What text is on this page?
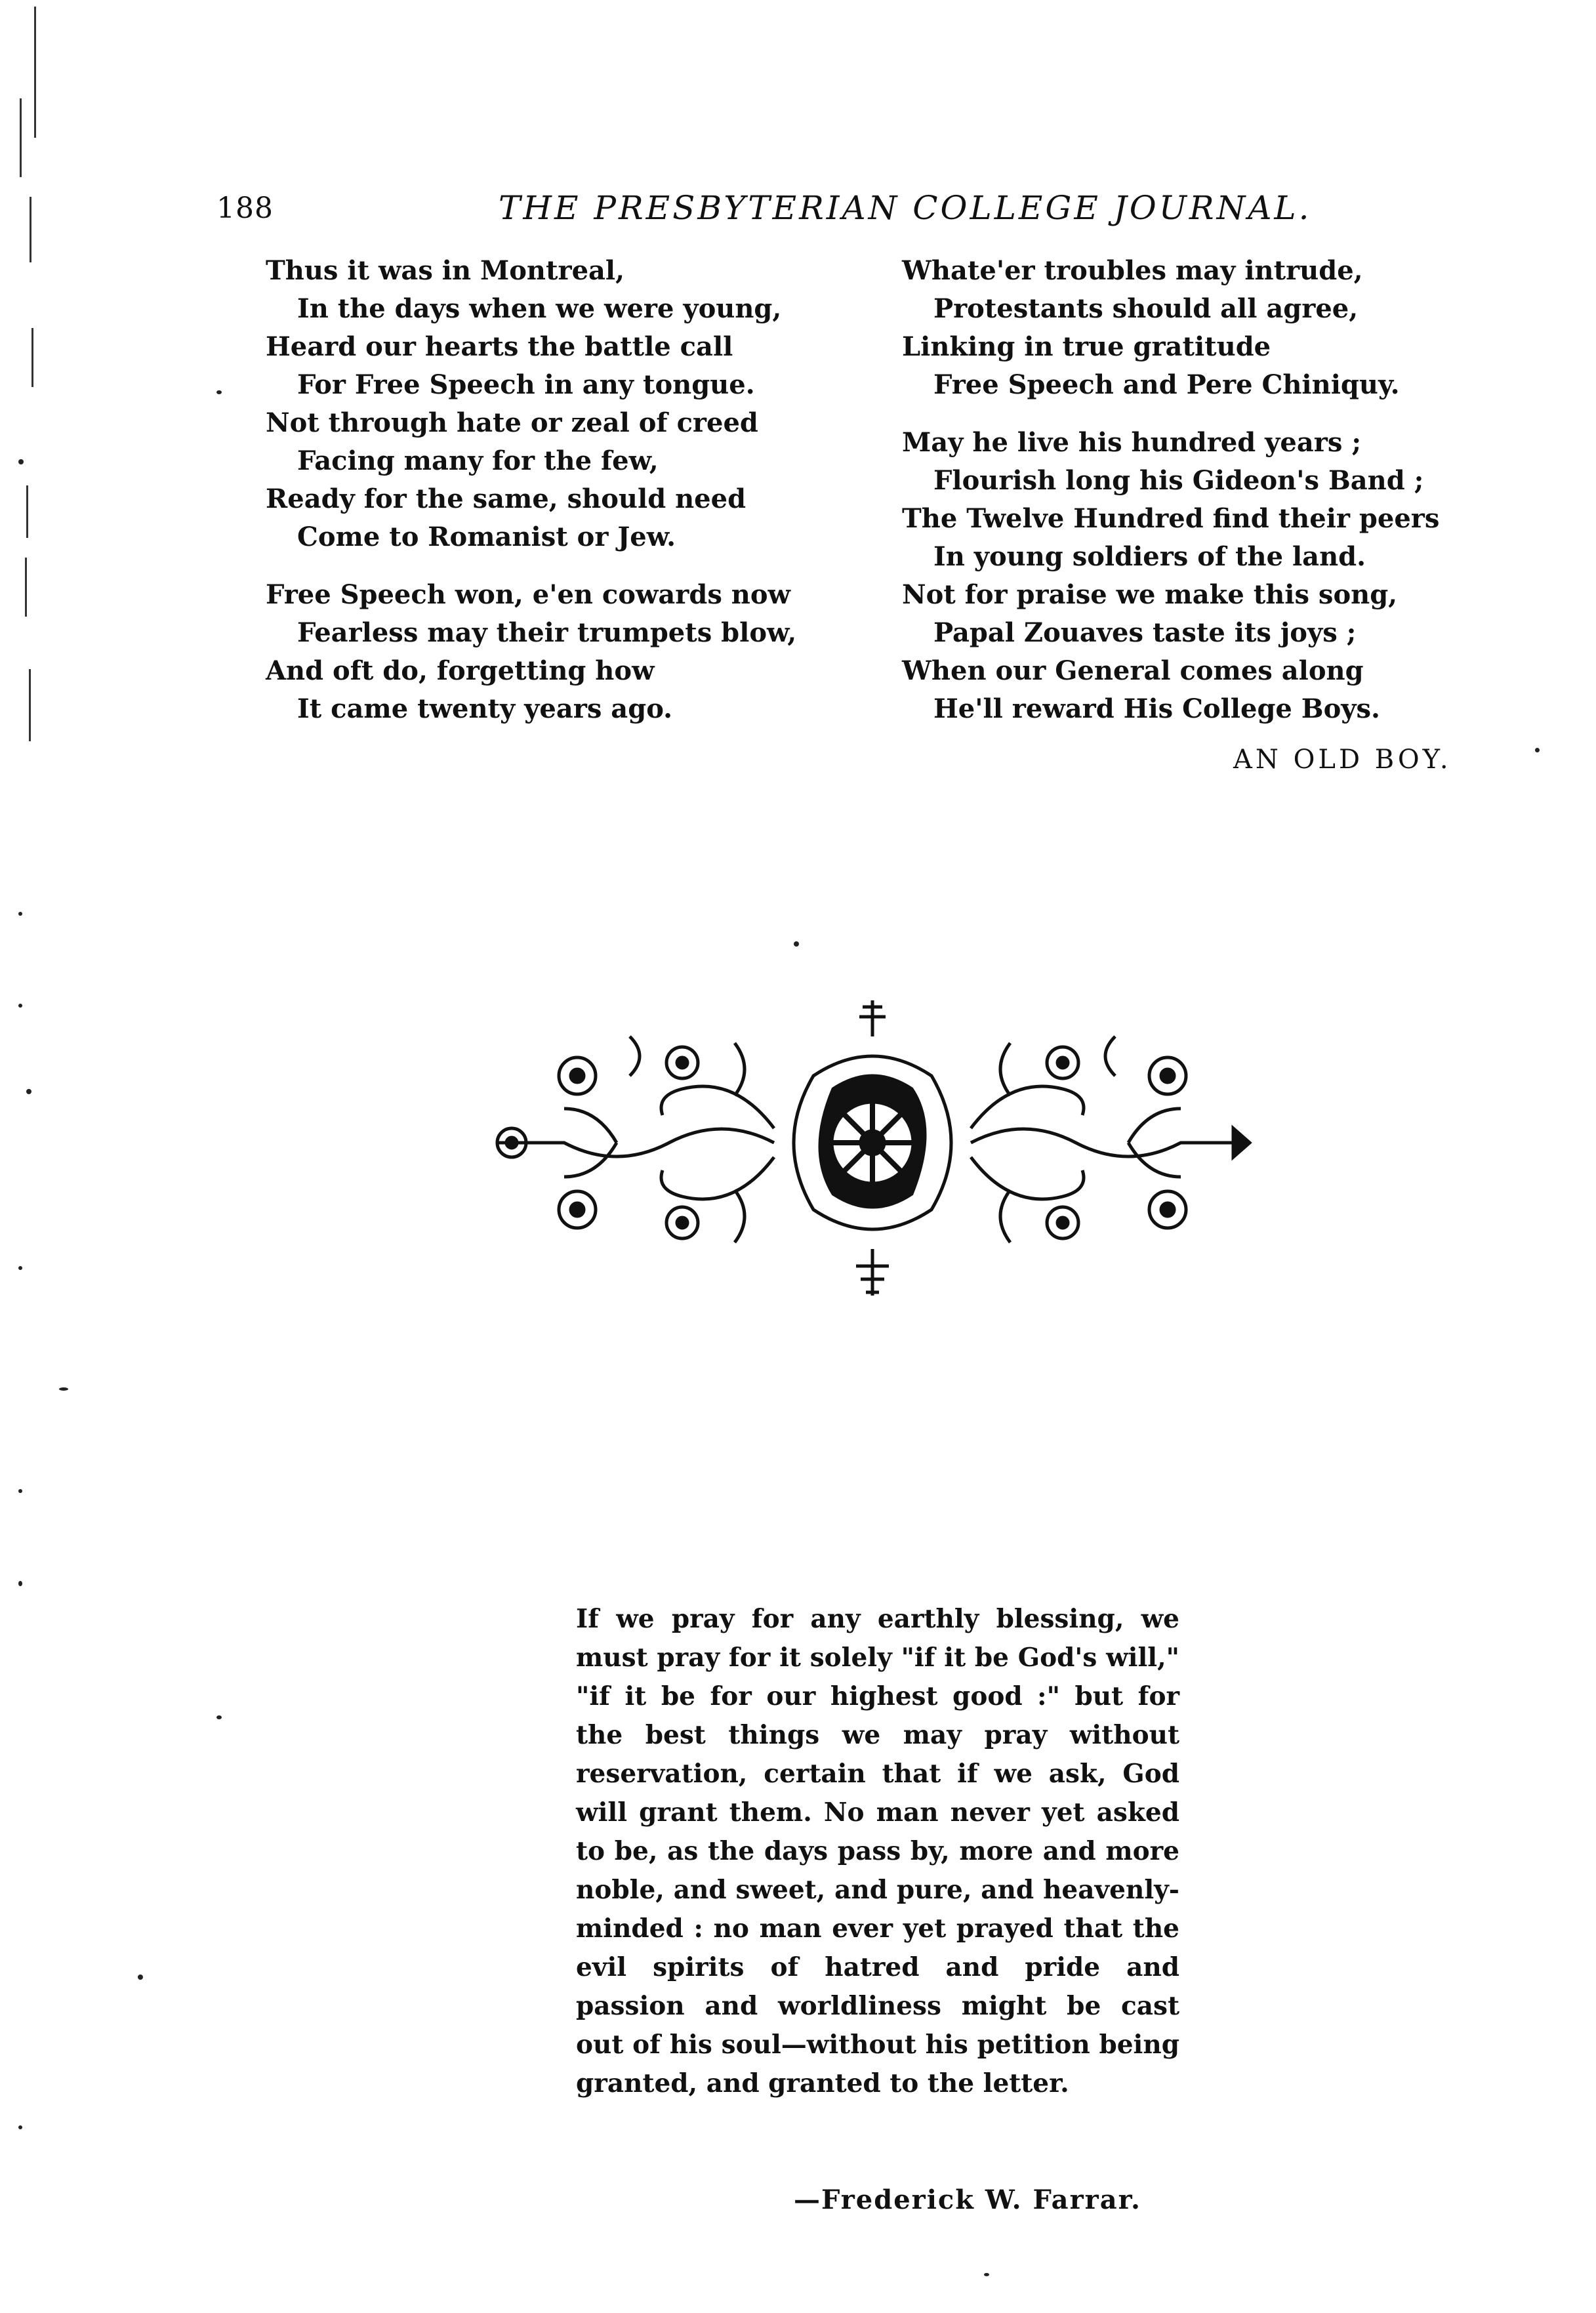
188	THE PRESBYTERIAN COLLEGE JOURNAL.
Thus it was in Montreal,
In the days when we were young,
Heard our hearts the battle call
For Free Speech in any tongue.
Not through hate or zeal of creed
Facing many for the few,
Ready for the same, should need
Come to Romanist or Jew.
Free Speech won, e'en cowards now
Fearless may their trumpets blow,
And oft do, forgetting how
It came twenty years ago.
Whate'er troubles may intrude,
Protestants should all agree,
Linking in true gratitude
Free Speech and Pere Chiniquy.
May he live his hundred years ;
Flourish long his Gideon's Band ;
The Twelve Hundred find their peers
In young soldiers of the land.
Not for praise we make this song,
Papal Zouaves taste its joys ;
When our General comes along
He'll reward His College Boys.
AN OLD BOY.

If we pray for any earthly blessing, we must pray for it solely "if it be God's will," "if it be for our highest good :" but for the best things we may pray without reservation, certain that if we ask, God will grant them. No man never yet asked to be, as the days pass by, more and more noble, and sweet, and pure, and heavenly-minded : no man ever yet prayed that the evil spirits of hatred and pride and passion and worldliness might be cast out of his soul—without his petition being granted, and granted to the letter.

—Frederick W. Farrar.
